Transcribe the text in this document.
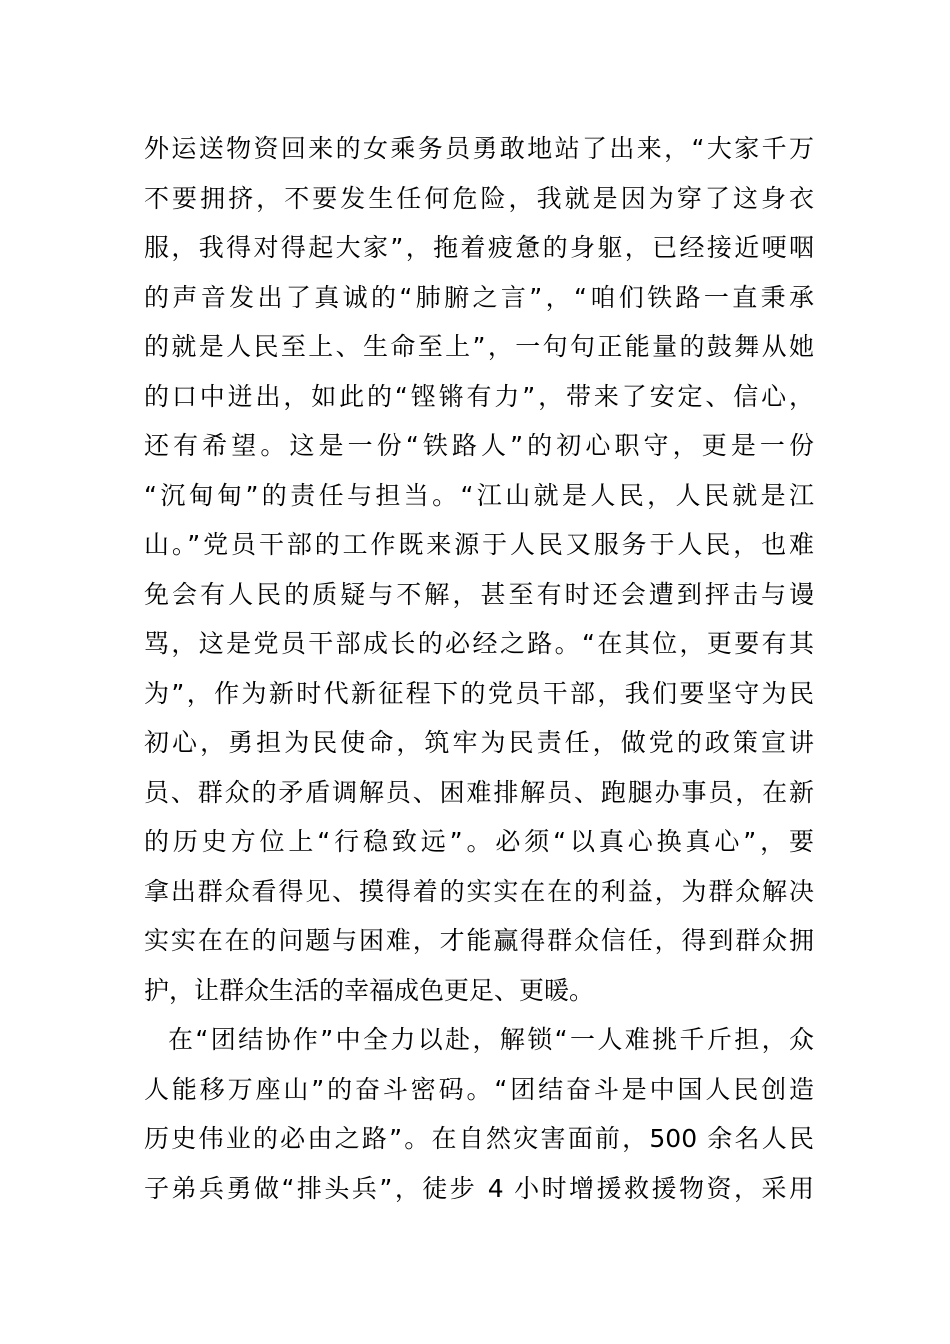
外运送物资回来的女乘务员勇敢地站了出来，“大家千万
不要拥挤，不要发生任何危险，我就是因为穿了这身衣
服，我得对得起大家”，拖着疲惫的身躯，已经接近哽咽
的声音发出了真诚的“肺腑之言”，“咱们铁路一直秉承
的就是人民至上、生命至上”，一句句正能量的鼓舞从她
的口中迸出，如此的“铿锵有力”，带来了安定、信心，
还有希望。这是一份“铁路人”的初心职守，更是一份
“沉甸甸”的责任与担当。“江山就是人民，人民就是江
山。”党员干部的工作既来源于人民又服务于人民，也难
免会有人民的质疑与不解，甚至有时还会遭到抨击与谩
骂，这是党员干部成长的必经之路。“在其位，更要有其
为”，作为新时代新征程下的党员干部，我们要坚守为民
初心，勇担为民使命，筑牢为民责任，做党的政策宣讲
员、群众的矛盾调解员、困难排解员、跑腿办事员，在新
的历史方位上“行稳致远”。必须“以真心换真心”，要
拿出群众看得见、摸得着的实实在在的利益，为群众解决
实实在在的问题与困难，才能赢得群众信任，得到群众拥
护，让群众生活的幸福成色更足、更暖。
在“团结协作”中全力以赴，解锁“一人难挑千斤担，众
人能移万座山”的奋斗密码。“团结奋斗是中国人民创造
历史伟业的必由之路”。在自然灾害面前，500 余名人民
子弟兵勇做“排头兵”，徒步 4 小时增援救援物资，采用
